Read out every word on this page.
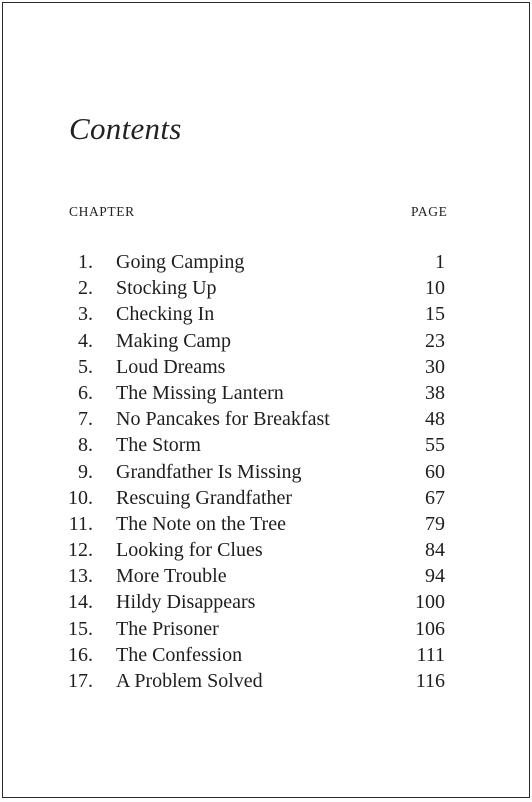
Contents
CHAPTER	PAGE
1. Going Camping	1
2. Stocking Up	10
3. Checking In	15
4. Making Camp	23
5. Loud Dreams	30
6. The Missing Lantern	38
7. No Pancakes for Breakfast	48
8. The Storm	55
9. Grandfather Is Missing	60
10. Rescuing Grandfather	67
11. The Note on the Tree	79
12. Looking for Clues	84
13. More Trouble	94
14. Hildy Disappears	100
15. The Prisoner	106
16. The Confession	111
17. A Problem Solved	116
